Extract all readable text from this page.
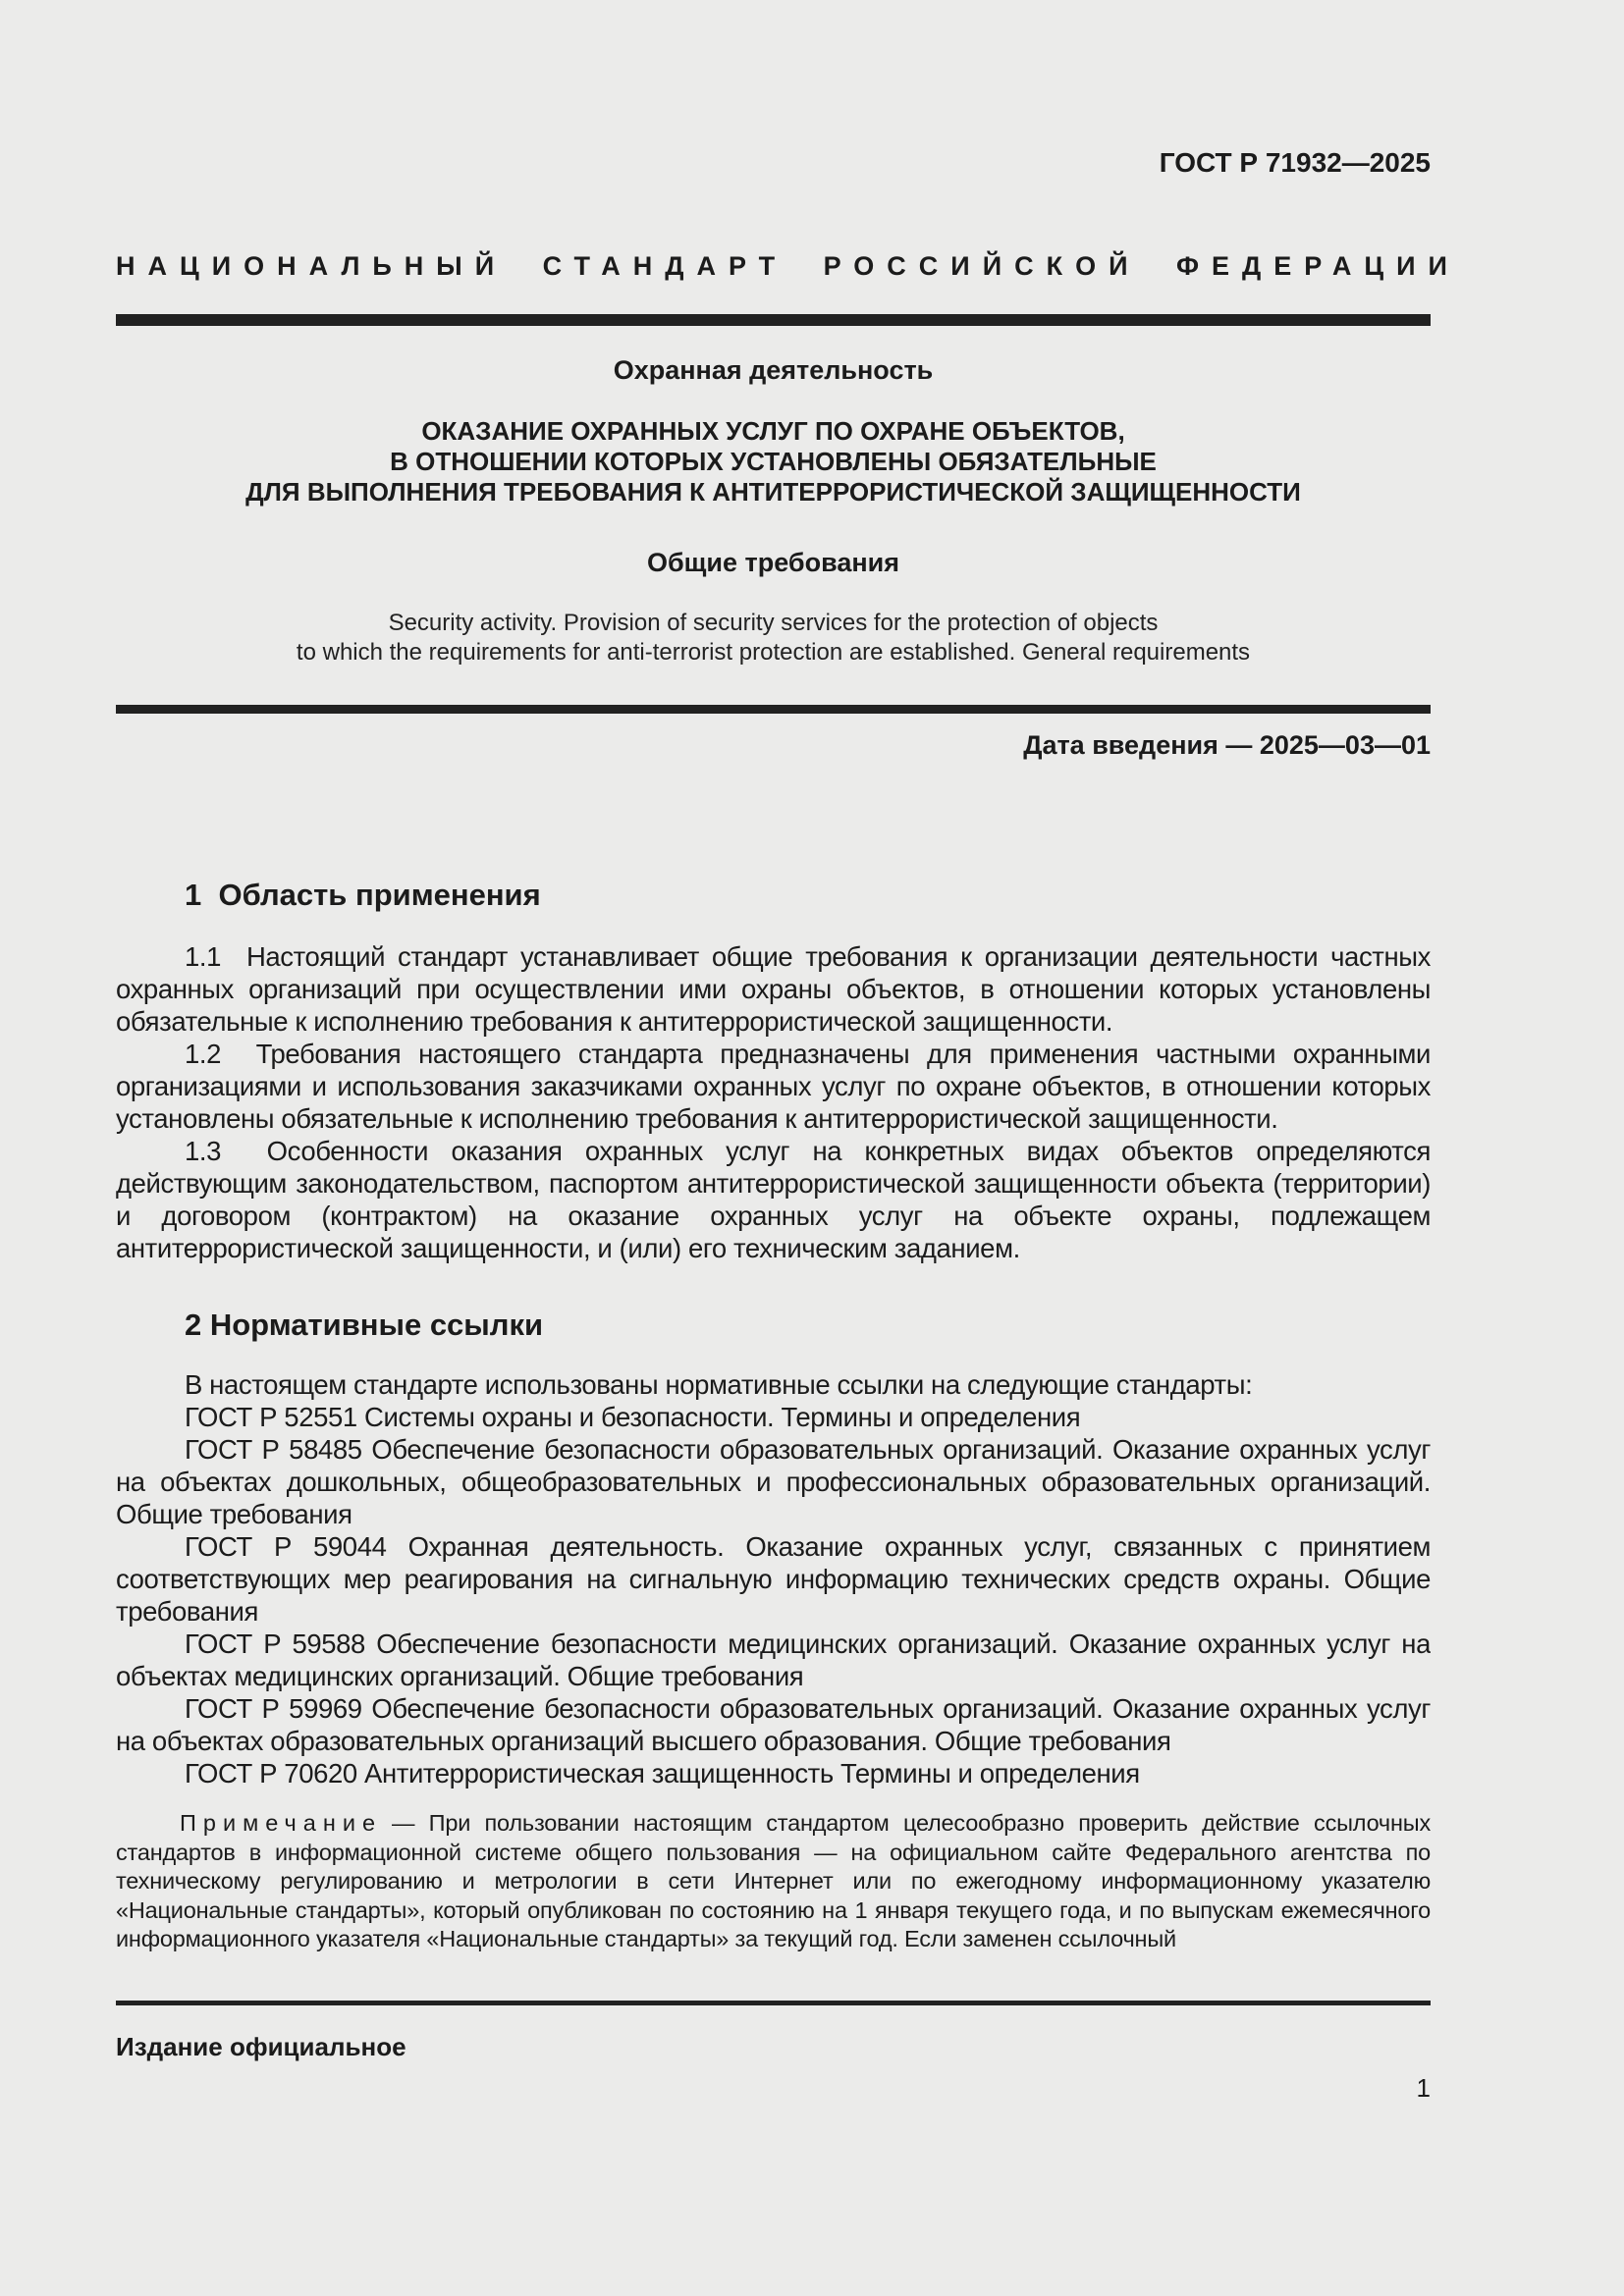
ГОСТ Р 71932—2025
НАЦИОНАЛЬНЫЙ СТАНДАРТ РОССИЙСКОЙ ФЕДЕРАЦИИ
Охранная деятельность
ОКАЗАНИЕ ОХРАННЫХ УСЛУГ ПО ОХРАНЕ ОБЪЕКТОВ,
В ОТНОШЕНИИ КОТОРЫХ УСТАНОВЛЕНЫ ОБЯЗАТЕЛЬНЫЕ
ДЛЯ ВЫПОЛНЕНИЯ ТРЕБОВАНИЯ К АНТИТЕРРОРИСТИЧЕСКОЙ ЗАЩИЩЕННОСТИ
Общие требования
Security activity. Provision of security services for the protection of objects
to which the requirements for anti-terrorist protection are established. General requirements
Дата введения — 2025—03—01
1  Область применения

1.1  Настоящий стандарт устанавливает общие требования к организации деятельности частных охранных организаций при осуществлении ими охраны объектов, в отношении которых установлены обязательные к исполнению требования к антитеррористической защищенности.

1.2  Требования настоящего стандарта предназначены для применения частными охранными организациями и использования заказчиками охранных услуг по охране объектов, в отношении которых установлены обязательные к исполнению требования к антитеррористической защищенности.

1.3  Особенности оказания охранных услуг на конкретных видах объектов определяются действующим законодательством, паспортом антитеррористической защищенности объекта (территории) и договором (контрактом) на оказание охранных услуг на объекте охраны, подлежащем антитеррористической защищенности, и (или) его техническим заданием.

2 Нормативные ссылки

В настоящем стандарте использованы нормативные ссылки на следующие стандарты:

ГОСТ Р 52551 Системы охраны и безопасности. Термины и определения

ГОСТ Р 58485 Обеспечение безопасности образовательных организаций. Оказание охранных услуг на объектах дошкольных, общеобразовательных и профессиональных образовательных организаций. Общие требования

ГОСТ Р 59044 Охранная деятельность. Оказание охранных услуг, связанных с принятием соответствующих мер реагирования на сигнальную информацию технических средств охраны. Общие требования

ГОСТ Р 59588 Обеспечение безопасности медицинских организаций. Оказание охранных услуг на объектах медицинских организаций. Общие требования

ГОСТ Р 59969 Обеспечение безопасности образовательных организаций. Оказание охранных услуг на объектах образовательных организаций высшего образования. Общие требования

ГОСТ Р 70620 Антитеррористическая защищенность Термины и определения

Примечание — При пользовании настоящим стандартом целесообразно проверить действие ссылочных стандартов в информационной системе общего пользования — на официальном сайте Федерального агентства по техническому регулированию и метрологии в сети Интернет или по ежегодному информационному указателю «Национальные стандарты», который опубликован по состоянию на 1 января текущего года, и по выпускам ежемесячного информационного указателя «Национальные стандарты» за текущий год. Если заменен ссылочный

Издание официальное
1
